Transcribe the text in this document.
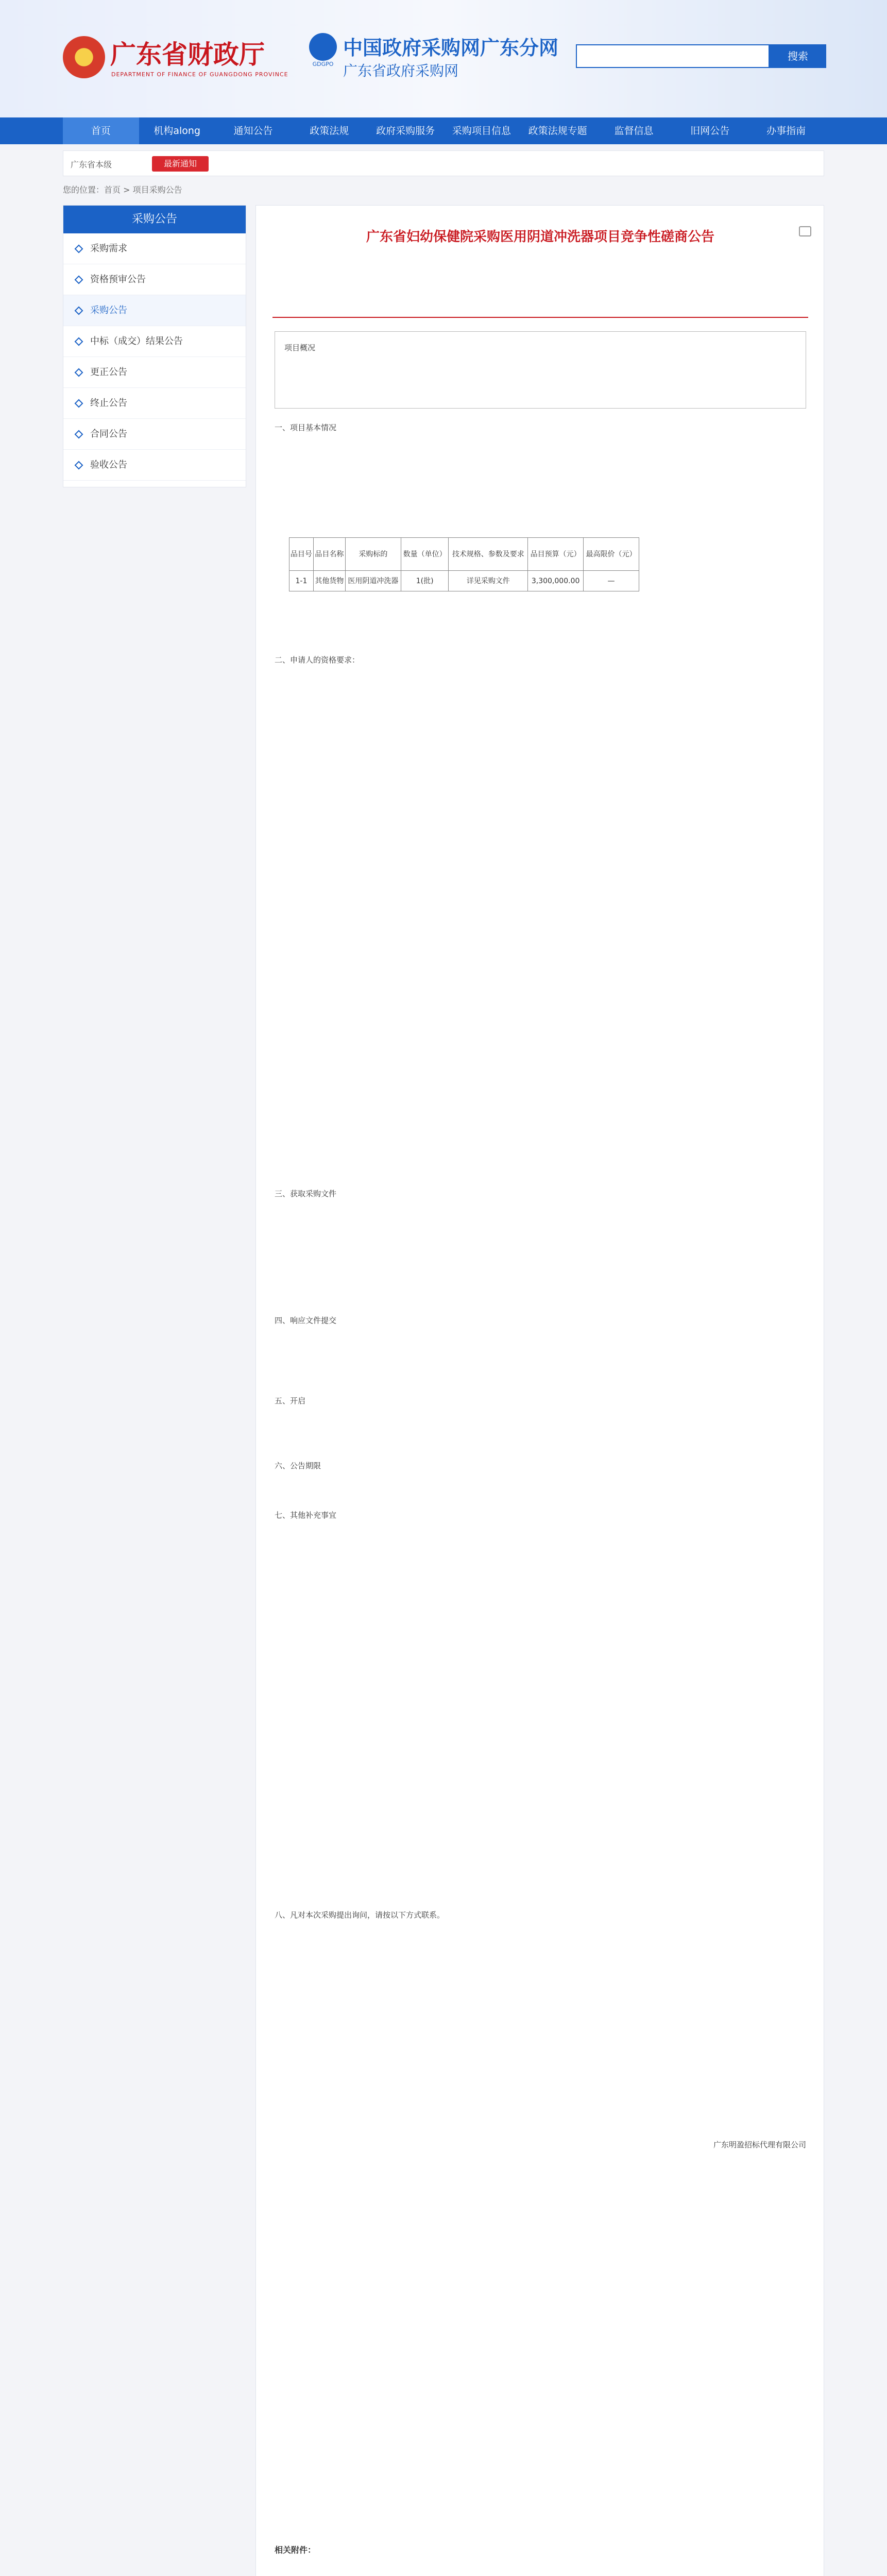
广东省财政厅
DEPARTMENT OF FINANCE OF GUANGDONG PROVINCE
GDGPO
中国政府采购网广东分网
广东省政府采购网
搜索
首页	机构along	通知公告	政策法规	政府采购服务	采购项目信息	政策法规专题	监督信息	旧网公告	办事指南
广东省本级	最新通知
您的位置：首页 > 项目采购公告
采购公告
采购需求
资格预审公告
采购公告
中标（成交）结果公告
更正公告
终止公告
合同公告
验收公告
广东省妇幼保健院采购医用阴道冲洗器项目竞争性磋商公告
项目概况
一、项目基本情况
品目号	品目名称	采购标的	数量（单位）	技术规格、参数及要求	品目预算（元）	最高限价（元）
1-1	其他货物	医用阴道冲洗器	1(批)	详见采购文件	3,300,000.00	—
二、申请人的资格要求：
三、获取采购文件
四、响应文件提交
五、开启
六、公告期限
七、其他补充事宜
八、凡对本次采购提出询问，请按以下方式联系。
广东明盈招标代理有限公司
相关附件：
